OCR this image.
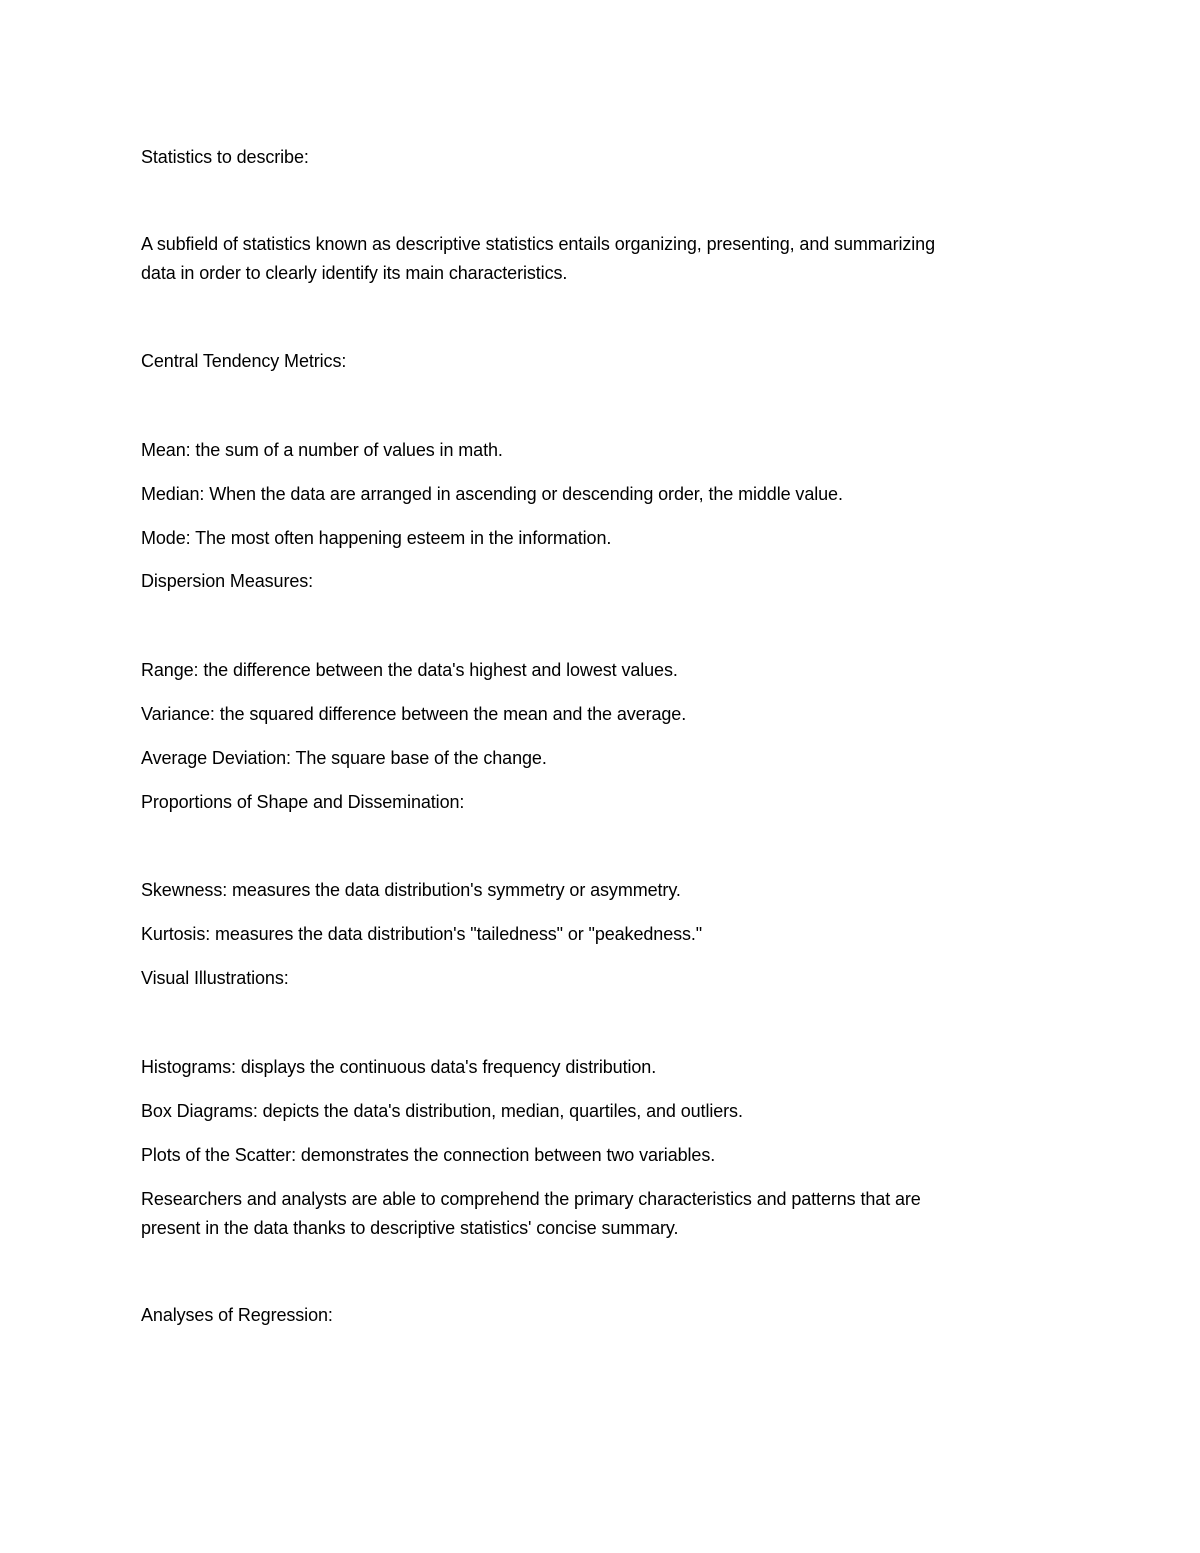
Statistics to describe:

A subfield of statistics known as descriptive statistics entails organizing, presenting, and summarizing

data in order to clearly identify its main characteristics.

Central Tendency Metrics:

Mean: the sum of a number of values in math.

Median: When the data are arranged in ascending or descending order, the middle value.

Mode: The most often happening esteem in the information.

Dispersion Measures:

Range: the difference between the data's highest and lowest values.

Variance: the squared difference between the mean and the average.

Average Deviation: The square base of the change.

Proportions of Shape and Dissemination:

Skewness: measures the data distribution's symmetry or asymmetry.

Kurtosis: measures the data distribution's "tailedness" or "peakedness."

Visual Illustrations:

Histograms: displays the continuous data's frequency distribution.

Box Diagrams: depicts the data's distribution, median, quartiles, and outliers.

Plots of the Scatter: demonstrates the connection between two variables.

Researchers and analysts are able to comprehend the primary characteristics and patterns that are

present in the data thanks to descriptive statistics' concise summary.

Analyses of Regression:
